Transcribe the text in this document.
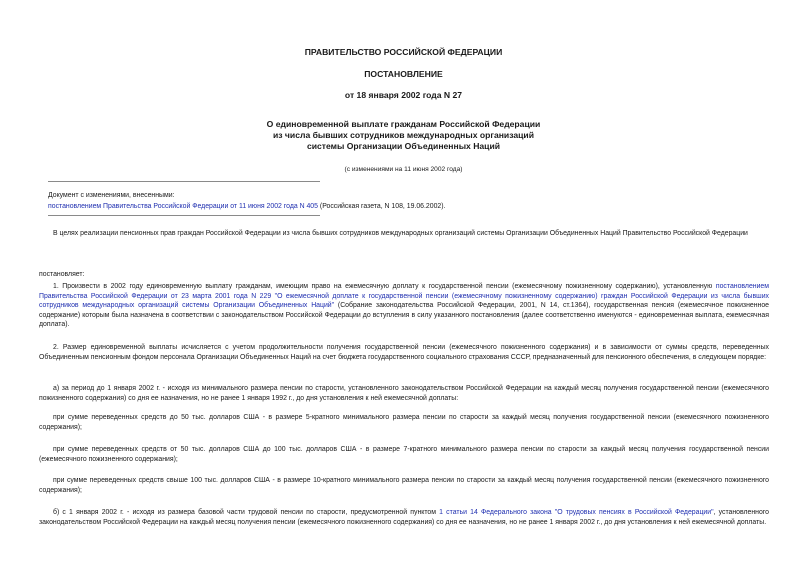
ПРАВИТЕЛЬСТВО РОССИЙСКОЙ ФЕДЕРАЦИИ
ПОСТАНОВЛЕНИЕ
от 18 января 2002 года N 27
О единовременной выплате гражданам Российской Федерации
из числа бывших сотрудников международных организаций
системы Организации Объединенных Наций
(с изменениями на 11 июня 2002 года)
Документ с изменениями, внесенными:
постановлением Правительства Российской Федерации от 11 июня 2002 года N 405 (Российская газета, N 108, 19.06.2002).
В целях реализации пенсионных прав граждан Российской Федерации из числа бывших сотрудников международных организаций системы Организации Объединенных Наций Правительство Российской Федерации
постановляет:
1. Произвести в 2002 году единовременную выплату гражданам, имеющим право на ежемесячную доплату к государственной пенсии (ежемесячному пожизненному содержанию), установленную постановлением Правительства Российской Федерации от 23 марта 2001 года N 229 "О ежемесячной доплате к государственной пенсии (ежемесячному пожизненному содержанию) граждан Российской Федерации из числа бывших сотрудников международных организаций системы Организации Объединенных Наций" (Собрание законодательства Российской Федерации, 2001, N 14, ст.1364), государственная пенсия (ежемесячное пожизненное содержание) которым была назначена в соответствии с законодательством Российской Федерации до вступления в силу указанного постановления (далее соответственно именуются - единовременная выплата, ежемесячная доплата).
2. Размер единовременной выплаты исчисляется с учетом продолжительности получения государственной пенсии (ежемесячного пожизненного содержания) и в зависимости от суммы средств, переведенных Объединенным пенсионным фондом персонала Организации Объединенных Наций на счет бюджета государственного социального страхования СССР, предназначенный для пенсионного обеспечения, в следующем порядке:
а) за период до 1 января 2002 г. - исходя из минимального размера пенсии по старости, установленного законодательством Российской Федерации на каждый месяц получения государственной пенсии (ежемесячного пожизненного содержания) со дня ее назначения, но не ранее 1 января 1992 г., до дня установления к ней ежемесячной доплаты:
при сумме переведенных средств до 50 тыс. долларов США - в размере 5-кратного минимального размера пенсии по старости за каждый месяц получения государственной пенсии (ежемесячного пожизненного содержания);
при сумме переведенных средств от 50 тыс. долларов США до 100 тыс. долларов США - в размере 7-кратного минимального размера пенсии по старости за каждый месяц получения государственной пенсии (ежемесячного пожизненного содержания);
при сумме переведенных средств свыше 100 тыс. долларов США - в размере 10-кратного минимального размера пенсии по старости за каждый месяц получения государственной пенсии (ежемесячного пожизненного содержания);
б) с 1 января 2002 г. - исходя из размера базовой части трудовой пенсии по старости, предусмотренной пунктом 1 статьи 14 Федерального закона "О трудовых пенсиях в Российской Федерации", установленного законодательством Российской Федерации на каждый месяц получения пенсии (ежемесячного пожизненного содержания) со дня ее назначения, но не ранее 1 января 2002 г., до дня установления к ней ежемесячной доплаты.
